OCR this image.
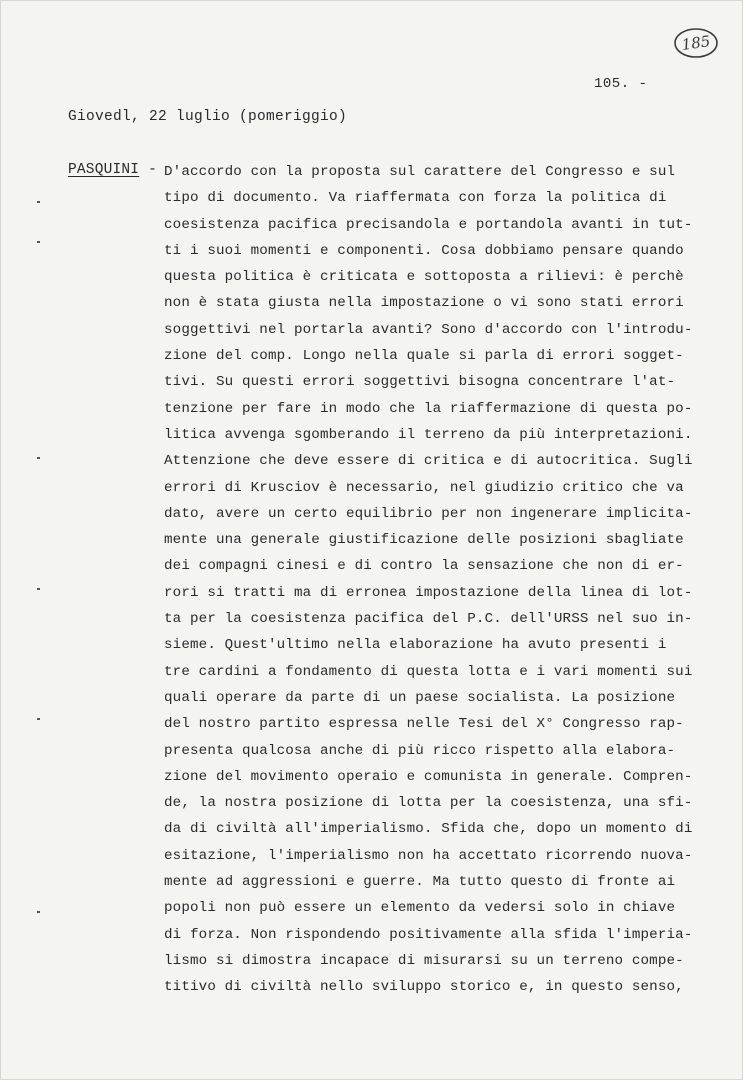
185
105. -
Giovedl, 22 luglio (pomeriggio)
PASQUINI - D'accordo con la proposta sul carattere del Congresso e sul
tipo di documento. Va riaffermata con forza la politica di
coesistenza pacifica precisandola e portandola avanti in tut-
ti i suoi momenti e componenti. Cosa dobbiamo pensare quando
questa politica è criticata e sottoposta a rilievi: è perchè
non è stata giusta nella impostazione o vi sono stati errori
soggettivi nel portarla avanti? Sono d'accordo con l'introdu-
zione del comp. Longo nella quale si parla di errori sogget-
tivi. Su questi errori soggettivi bisogna concentrare l'at-
tenzione per fare in modo che la riaffermazione di questa po-
litica avvenga sgomberando il terreno da più interpretazioni.
Attenzione che deve essere di critica e di autocritica. Sugli
errori di Krusciov è necessario, nel giudizio critico che va
dato, avere un certo equilibrio per non ingenerare implicita-
mente una generale giustificazione delle posizioni sbagliate
dei compagni cinesi e di contro la sensazione che non di er-
rori si tratti ma di erronea impostazione della linea di lot-
ta per la coesistenza pacifica del P.C. dell'URSS nel suo in-
sieme. Quest'ultimo nella elaborazione ha avuto presenti i
tre cardini a fondamento di questa lotta e i vari momenti sui
quali operare da parte di un paese socialista. La posizione
del nostro partito espressa nelle Tesi del X° Congresso rap-
presenta qualcosa anche di più ricco rispetto alla elabora-
zione del movimento operaio e comunista in generale. Compren-
de, la nostra posizione di lotta per la coesistenza, una sfi-
da di civiltà all'imperialismo. Sfida che, dopo un momento di
esitazione, l'imperialismo non ha accettato ricorrendo nuova-
mente ad aggressioni e guerre. Ma tutto questo di fronte ai
popoli non può essere un elemento da vedersi solo in chiave
di forza. Non rispondendo positivamente alla sfida l'imperia-
lismo si dimostra incapace di misurarsi su un terreno compe-
titivo di civiltà nello sviluppo storico e, in questo senso,
